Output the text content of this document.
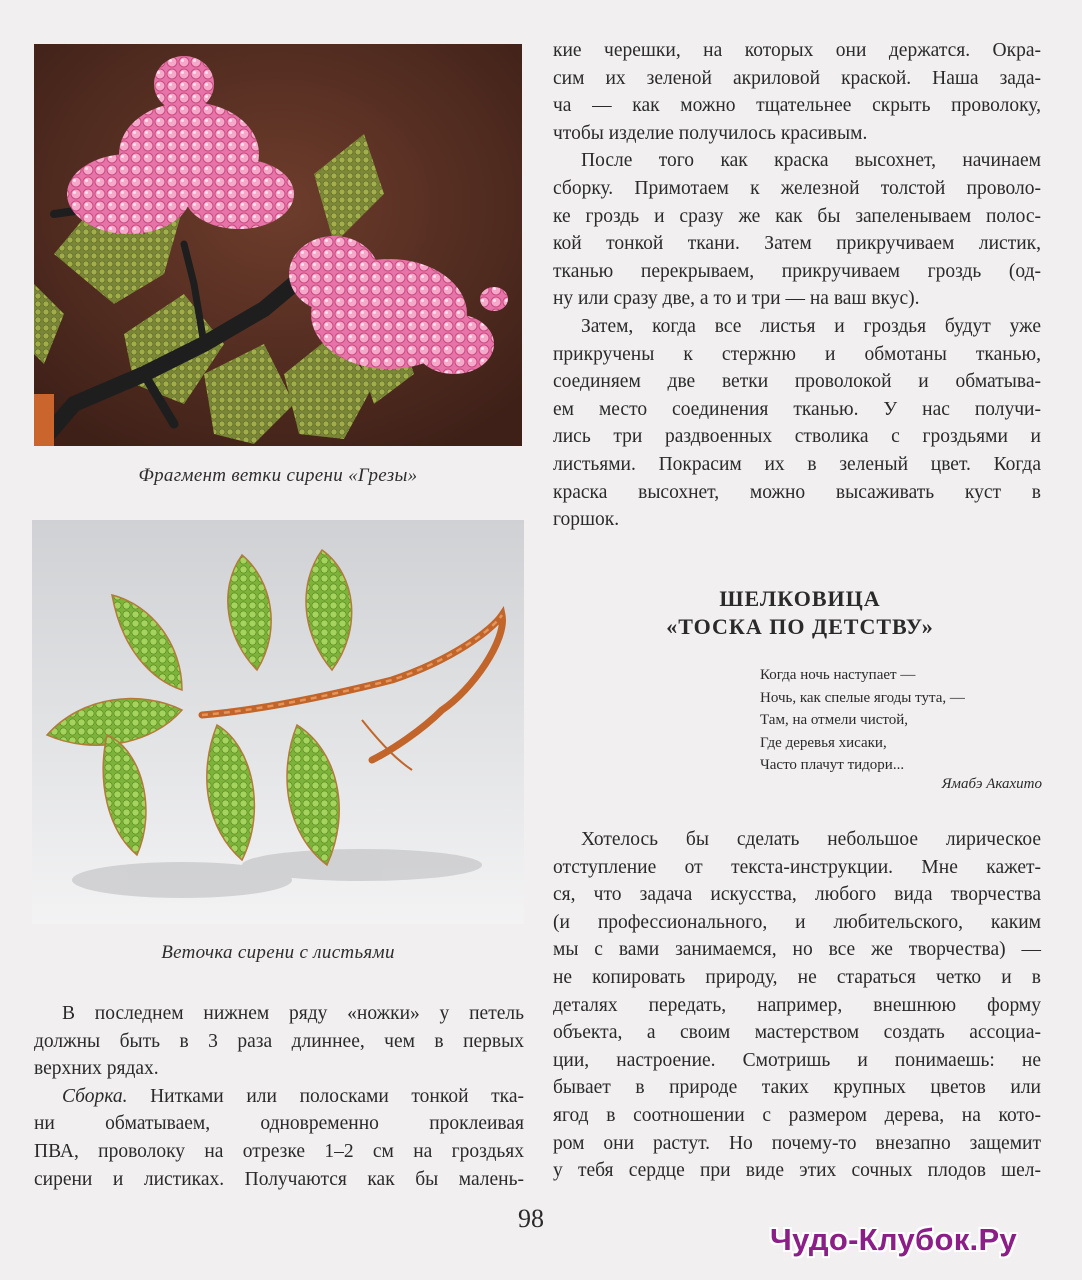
Фрагмент ветки сирени «Грезы»
Веточка сирени с листьями
В последнем нижнем ряду «ножки» у петель
должны быть в 3 раза длиннее, чем в первых
верхних рядах.
Сборка. Нитками или полосками тонкой тка-
ни обматываем, одновременно проклеивая
ПВА, проволоку на отрезке 1–2 см на гроздьях
сирени и листиках. Получаются как бы малень-
кие черешки, на которых они держатся. Окра-
сим их зеленой акриловой краской. Наша зада-
ча — как можно тщательнее скрыть проволоку,
чтобы изделие получилось красивым.
После того как краска высохнет, начинаем
сборку. Примотаем к железной толстой проволо-
ке гроздь и сразу же как бы запеленываем полос-
кой тонкой ткани. Затем прикручиваем листик,
тканью перекрываем, прикручиваем гроздь (од-
ну или сразу две, а то и три — на ваш вкус).
Затем, когда все листья и гроздья будут уже
прикручены к стержню и обмотаны тканью,
соединяем две ветки проволокой и обматыва-
ем место соединения тканью. У нас получи-
лись три раздвоенных стволика с гроздьями и
листьями. Покрасим их в зеленый цвет. Когда
краска высохнет, можно высаживать куст в
горшок.
ШЕЛКОВИЦА
«ТОСКА ПО ДЕТСТВУ»
Когда ночь наступает —
Ночь, как спелые ягоды тута, —
Там, на отмели чистой,
Где деревья хисаки,
Часто плачут тидори...
Ямабэ Акахито
Хотелось бы сделать небольшое лирическое
отступление от текста-инструкции. Мне кажет-
ся, что задача искусства, любого вида творчества
(и профессионального, и любительского, каким
мы с вами занимаемся, но все же творчества) —
не копировать природу, не стараться четко и в
деталях передать, например, внешнюю форму
объекта, а своим мастерством создать ассоциа-
ции, настроение. Смотришь и понимаешь: не
бывает в природе таких крупных цветов или
ягод в соотношении с размером дерева, на кото-
ром они растут. Но почему-то внезапно защемит
у тебя сердце при виде этих сочных плодов шел-
98
Чудо-Клубок.Ру
